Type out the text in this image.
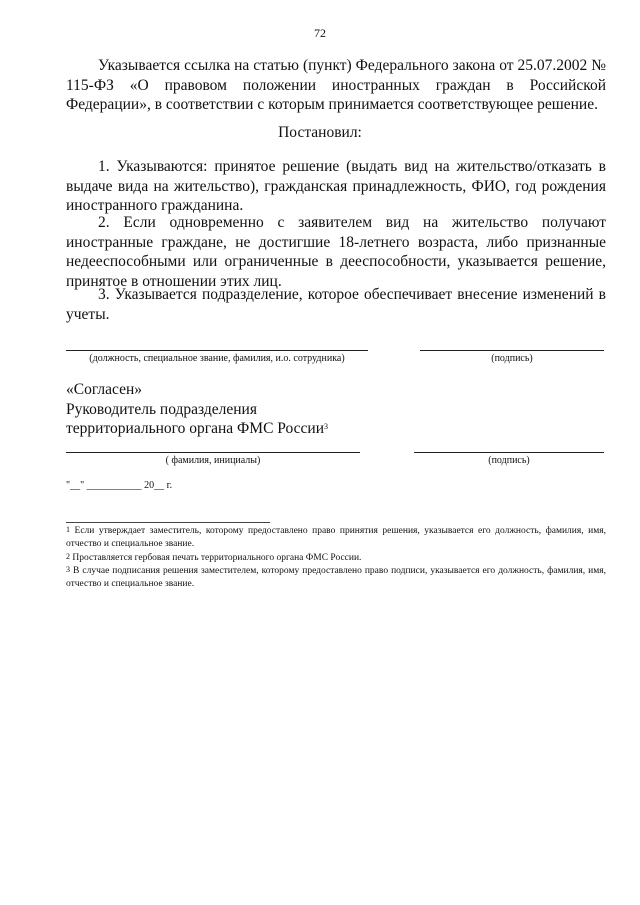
72
Указывается ссылка на статью (пункт) Федерального закона от 25.07.2002 № 115-ФЗ «О правовом положении иностранных граждан в Российской Федерации», в соответствии с которым принимается соответствующее решение.
Постановил:
1. Указываются: принятое решение (выдать вид на жительство/отказать в выдаче вида на жительство), гражданская принадлежность, ФИО, год рождения иностранного гражданина.
2. Если одновременно с заявителем вид на жительство получают иностранные граждане, не достигшие 18-летнего возраста, либо признанные недееспособными или ограниченные в дееспособности, указывается решение, принятое в отношении этих лиц.
3. Указывается подразделение, которое обеспечивает внесение изменений в учеты.
(должность, специальное звание, фамилия, и.о. сотрудника)	(подпись)
«Согласен»
Руководитель подразделения
территориального органа ФМС России$^3$
( фамилия, инициалы)	(подпись)
"__" ___________ 20__ г.
$^1$ Если утверждает заместитель, которому предоставлено право принятия решения, указывается его должность, фамилия, имя, отчество и специальное звание.
$^2$ Проставляется гербовая печать территориального органа ФМС России.
$^3$ В случае подписания решения заместителем, которому предоставлено право подписи, указывается его должность, фамилия, имя, отчество и специальное звание.
